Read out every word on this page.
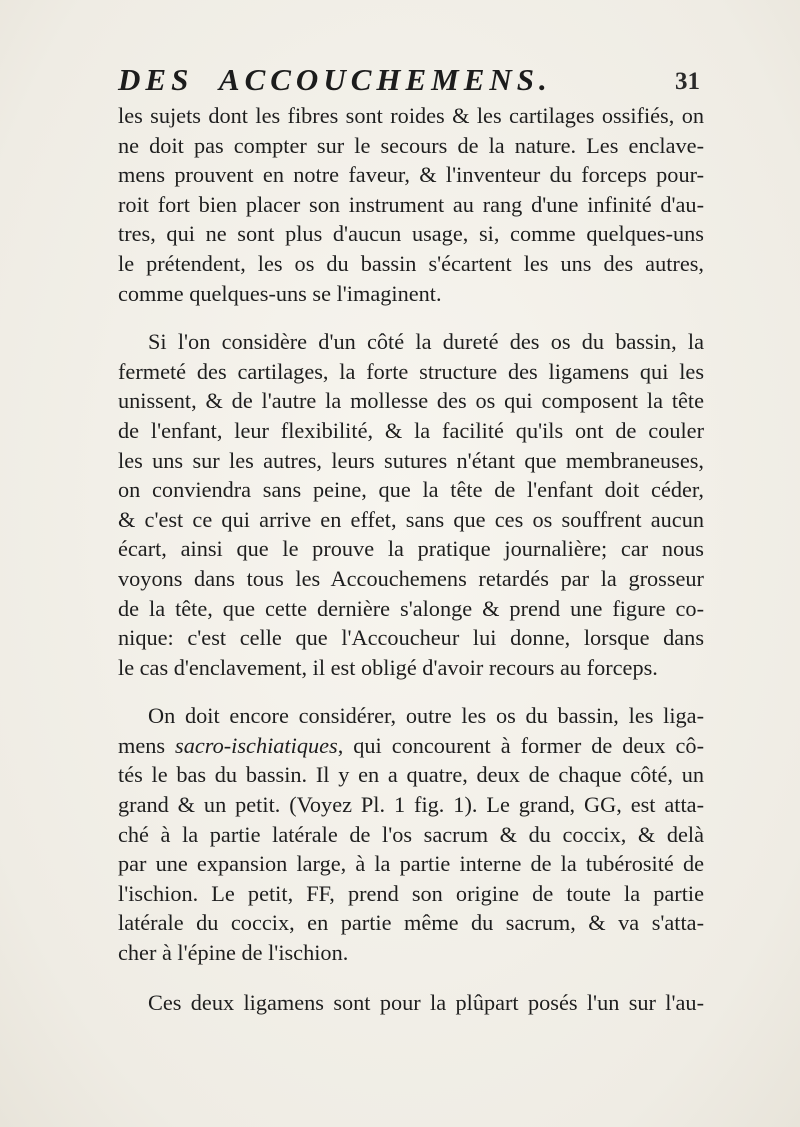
DES ACCOUCHEMENS.	31
les sujets dont les fibres sont roides & les cartilages ossifiés, on
ne doit pas compter sur le secours de la nature. Les enclave-
mens prouvent en notre faveur, & l'inventeur du forceps pour-
roit fort bien placer son instrument au rang d'une infinité d'au-
tres, qui ne sont plus d'aucun usage, si, comme quelques-uns
le prétendent, les os du bassin s'écartent les uns des autres,
comme quelques-uns se l'imaginent.
Si l'on considère d'un côté la dureté des os du bassin, la
fermeté des cartilages, la forte structure des ligamens qui les
unissent, & de l'autre la mollesse des os qui composent la tête
de l'enfant, leur flexibilité, & la facilité qu'ils ont de couler
les uns sur les autres, leurs sutures n'étant que membraneuses,
on conviendra sans peine, que la tête de l'enfant doit céder,
& c'est ce qui arrive en effet, sans que ces os souffrent aucun
écart, ainsi que le prouve la pratique journalière; car nous
voyons dans tous les Accouchemens retardés par la grosseur
de la tête, que cette dernière s'alonge & prend une figure co-
nique: c'est celle que l'Accoucheur lui donne, lorsque dans
le cas d'enclavement, il est obligé d'avoir recours au forceps.
On doit encore considérer, outre les os du bassin, les liga-
mens sacro-ischiatiques, qui concourent à former de deux cô-
tés le bas du bassin. Il y en a quatre, deux de chaque côté, un
grand & un petit. (Voyez Pl. 1 fig. 1). Le grand, GG, est atta-
ché à la partie latérale de l'os sacrum & du coccix, & delà
par une expansion large, à la partie interne de la tubérosité de
l'ischion. Le petit, FF, prend son origine de toute la partie
latérale du coccix, en partie même du sacrum, & va s'atta-
cher à l'épine de l'ischion.
Ces deux ligamens sont pour la plûpart posés l'un sur l'au-
